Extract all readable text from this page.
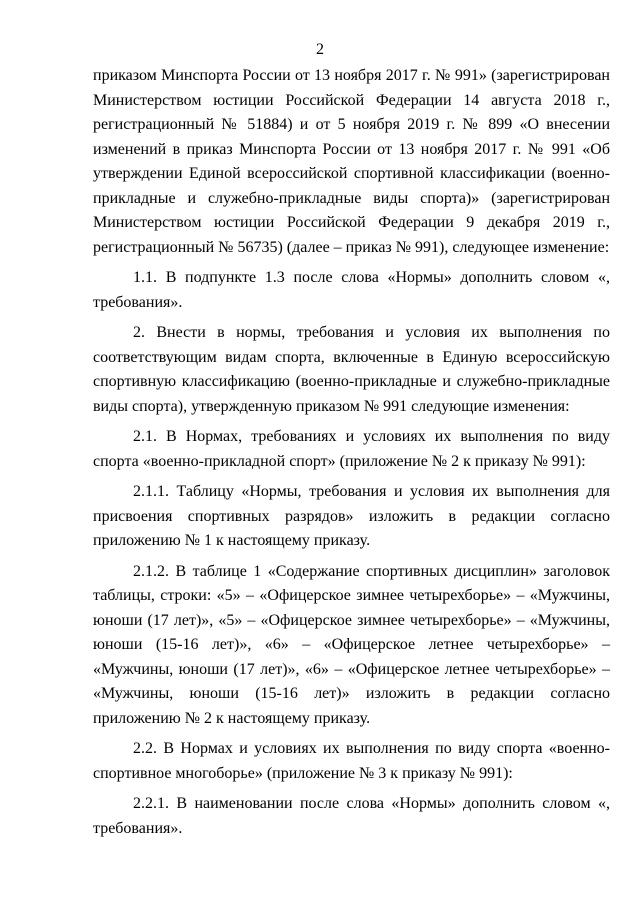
2

приказом Минспорта России от 13 ноября 2017 г. № 991» (зарегистрирован Министерством юстиции Российской Федерации 14 августа 2018 г., регистрационный № 51884) и от 5 ноября 2019 г. № 899 «О внесении изменений в приказ Минспорта России от 13 ноября 2017 г. № 991 «Об утверждении Единой всероссийской спортивной классификации (военно-прикладные и служебно-прикладные виды спорта)» (зарегистрирован Министерством юстиции Российской Федерации 9 декабря 2019 г., регистрационный № 56735) (далее – приказ № 991), следующее изменение:

1.1. В подпункте 1.3 после слова «Нормы» дополнить словом «, требования».

2. Внести в нормы, требования и условия их выполнения по соответствующим видам спорта, включенные в Единую всероссийскую спортивную классификацию (военно-прикладные и служебно-прикладные виды спорта), утвержденную приказом № 991 следующие изменения:

2.1. В Нормах, требованиях и условиях их выполнения по виду спорта «военно-прикладной спорт» (приложение № 2 к приказу № 991):

2.1.1. Таблицу «Нормы, требования и условия их выполнения для присвоения спортивных разрядов» изложить в редакции согласно приложению № 1 к настоящему приказу.

2.1.2. В таблице 1 «Содержание спортивных дисциплин» заголовок таблицы, строки: «5» – «Офицерское зимнее четырехборье» – «Мужчины, юноши (17 лет)», «5» – «Офицерское зимнее четырехборье» – «Мужчины, юноши (15-16 лет)», «6» – «Офицерское летнее четырехборье» – «Мужчины, юноши (17 лет)», «6» – «Офицерское летнее четырехборье» – «Мужчины, юноши (15-16 лет)» изложить в редакции согласно приложению № 2 к настоящему приказу.

2.2. В Нормах и условиях их выполнения по виду спорта «военно-спортивное многоборье» (приложение № 3 к приказу № 991):

2.2.1. В наименовании после слова «Нормы» дополнить словом «, требования».
